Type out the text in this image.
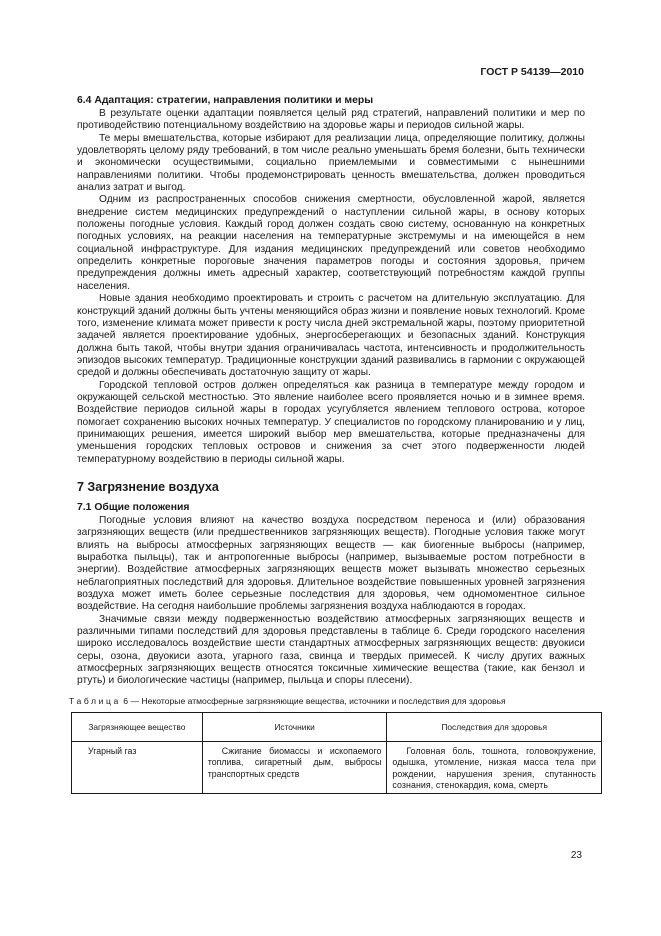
ГОСТ Р 54139—2010
6.4 Адаптация: стратегии, направления политики и меры

В результате оценки адаптации появляется целый ряд стратегий, направлений политики и мер по противодействию потенциальному воздействию на здоровье жары и периодов сильной жары.

Те меры вмешательства, которые избирают для реализации лица, определяющие политику, должны удовлетворять целому ряду требований, в том числе реально уменьшать бремя болезни, быть технически и экономически осуществимыми, социально приемлемыми и совместимыми с нынешними направлениями политики. Чтобы продемонстрировать ценность вмешательства, должен проводиться анализ затрат и выгод.

Одним из распространенных способов снижения смертности, обусловленной жарой, является внедрение систем медицинских предупреждений о наступлении сильной жары, в основу которых положены погодные условия. Каждый город должен создать свою систему, основанную на конкретных погодных условиях, на реакции населения на температурные экстремумы и на имеющейся в нем социальной инфраструктуре. Для издания медицинских предупреждений или советов необходимо определить конкретные пороговые значения параметров погоды и состояния здоровья, причем предупреждения должны иметь адресный характер, соответствующий потребностям каждой группы населения.

Новые здания необходимо проектировать и строить с расчетом на длительную эксплуатацию. Для конструкций зданий должны быть учтены меняющийся образ жизни и появление новых технологий. Кроме того, изменение климата может привести к росту числа дней экстремальной жары, поэтому приоритетной задачей является проектирование удобных, энергосберегающих и безопасных зданий. Конструкция должна быть такой, чтобы внутри здания ограничивалась частота, интенсивность и продолжительность эпизодов высоких температур. Традиционные конструкции зданий развивались в гармонии с окружающей средой и должны обеспечивать достаточную защиту от жары.

Городской тепловой остров должен определяться как разница в температуре между городом и окружающей сельской местностью. Это явление наиболее всего проявляется ночью и в зимнее время. Воздействие периодов сильной жары в городах усугубляется явлением теплового острова, которое помогает сохранению высоких ночных температур. У специалистов по городскому планированию и у лиц, принимающих решения, имеется широкий выбор мер вмешательства, которые предназначены для уменьшения городских тепловых островов и снижения за счет этого подверженности людей температурному воздействию в периоды сильной жары.

7 Загрязнение воздуха
7.1 Общие положения

Погодные условия влияют на качество воздуха посредством переноса и (или) образования загрязняющих веществ (или предшественников загрязняющих веществ). Погодные условия также могут влиять на выбросы атмосферных загрязняющих веществ — как биогенные выбросы (например, выработка пыльцы), так и антропогенные выбросы (например, вызываемые ростом потребности в энергии). Воздействие атмосферных загрязняющих веществ может вызывать множество серьезных неблагоприятных последствий для здоровья. Длительное воздействие повышенных уровней загрязнения воздуха может иметь более серьезные последствия для здоровья, чем одномоментное сильное воздействие. На сегодня наибольшие проблемы загрязнения воздуха наблюдаются в городах.

Значимые связи между подверженностью воздействию атмосферных загрязняющих веществ и различными типами последствий для здоровья представлены в таблице 6. Среди городского населения широко исследовалось воздействие шести стандартных атмосферных загрязняющих веществ: двуокиси серы, озона, двуокиси азота, угарного газа, свинца и твердых примесей. К числу других важных атмосферных загрязняющих веществ относятся токсичные химические вещества (такие, как бензол и ртуть) и биологические частицы (например, пыльца и споры плесени).

Таблица 6 — Некоторые атмосферные загрязняющие вещества, источники и последствия для здоровья
Загрязняющее вещество	Источники	Последствия для здоровья
Угарный газ	Сжигание биомассы и ископаемого топлива, сигаретный дым, выбросы транспортных средств	Головная боль, тошнота, головокружение, одышка, утомление, низкая масса тела при рождении, нарушения зрения, спутанность сознания, стенокардия, кома, смерть
23
